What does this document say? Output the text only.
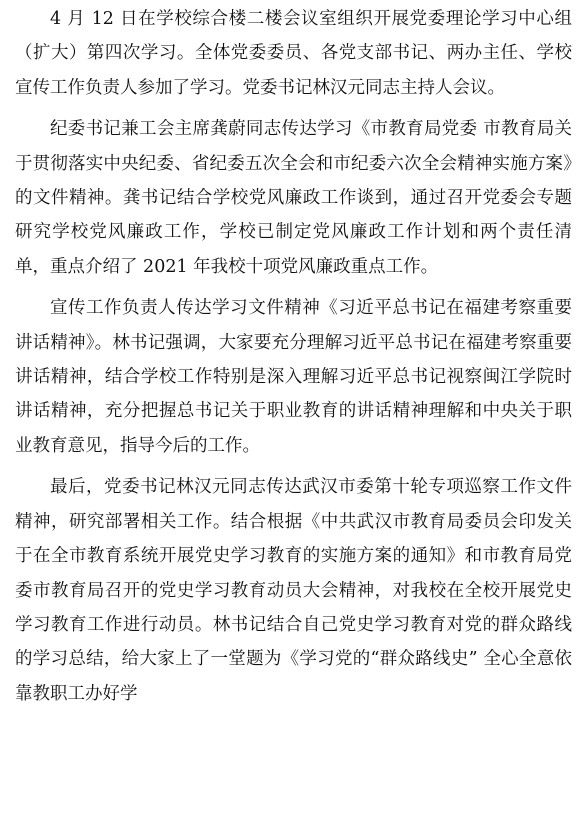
4 月 12 日在学校综合楼二楼会议室组织开展党委理论学习中心组（扩大）第四次学习。全体党委委员、各党支部书记、两办主任、学校宣传工作负责人参加了学习。党委书记林汉元同志主持人会议。

纪委书记兼工会主席龚蔚同志传达学习《市教育局党委 市教育局关于贯彻落实中央纪委、省纪委五次全会和市纪委六次全会精神实施方案》的文件精神。龚书记结合学校党风廉政工作谈到，通过召开党委会专题研究学校党风廉政工作，学校已制定党风廉政工作计划和两个责任清单，重点介绍了 2021 年我校十项党风廉政重点工作。

宣传工作负责人传达学习文件精神《习近平总书记在福建考察重要讲话精神》。林书记强调，大家要充分理解习近平总书记在福建考察重要讲话精神，结合学校工作特别是深入理解习近平总书记视察闽江学院时讲话精神，充分把握总书记关于职业教育的讲话精神理解和中央关于职业教育意见，指导今后的工作。

最后，党委书记林汉元同志传达武汉市委第十轮专项巡察工作文件精神，研究部署相关工作。结合根据《中共武汉市教育局委员会印发关于在全市教育系统开展党史学习教育的实施方案的通知》和市教育局党委市教育局召开的党史学习教育动员大会精神，对我校在全校开展党史学习教育工作进行动员。林书记结合自己党史学习教育对党的群众路线的学习总结，给大家上了一堂题为《学习党的“群众路线史” 全心全意依靠教职工办好学
